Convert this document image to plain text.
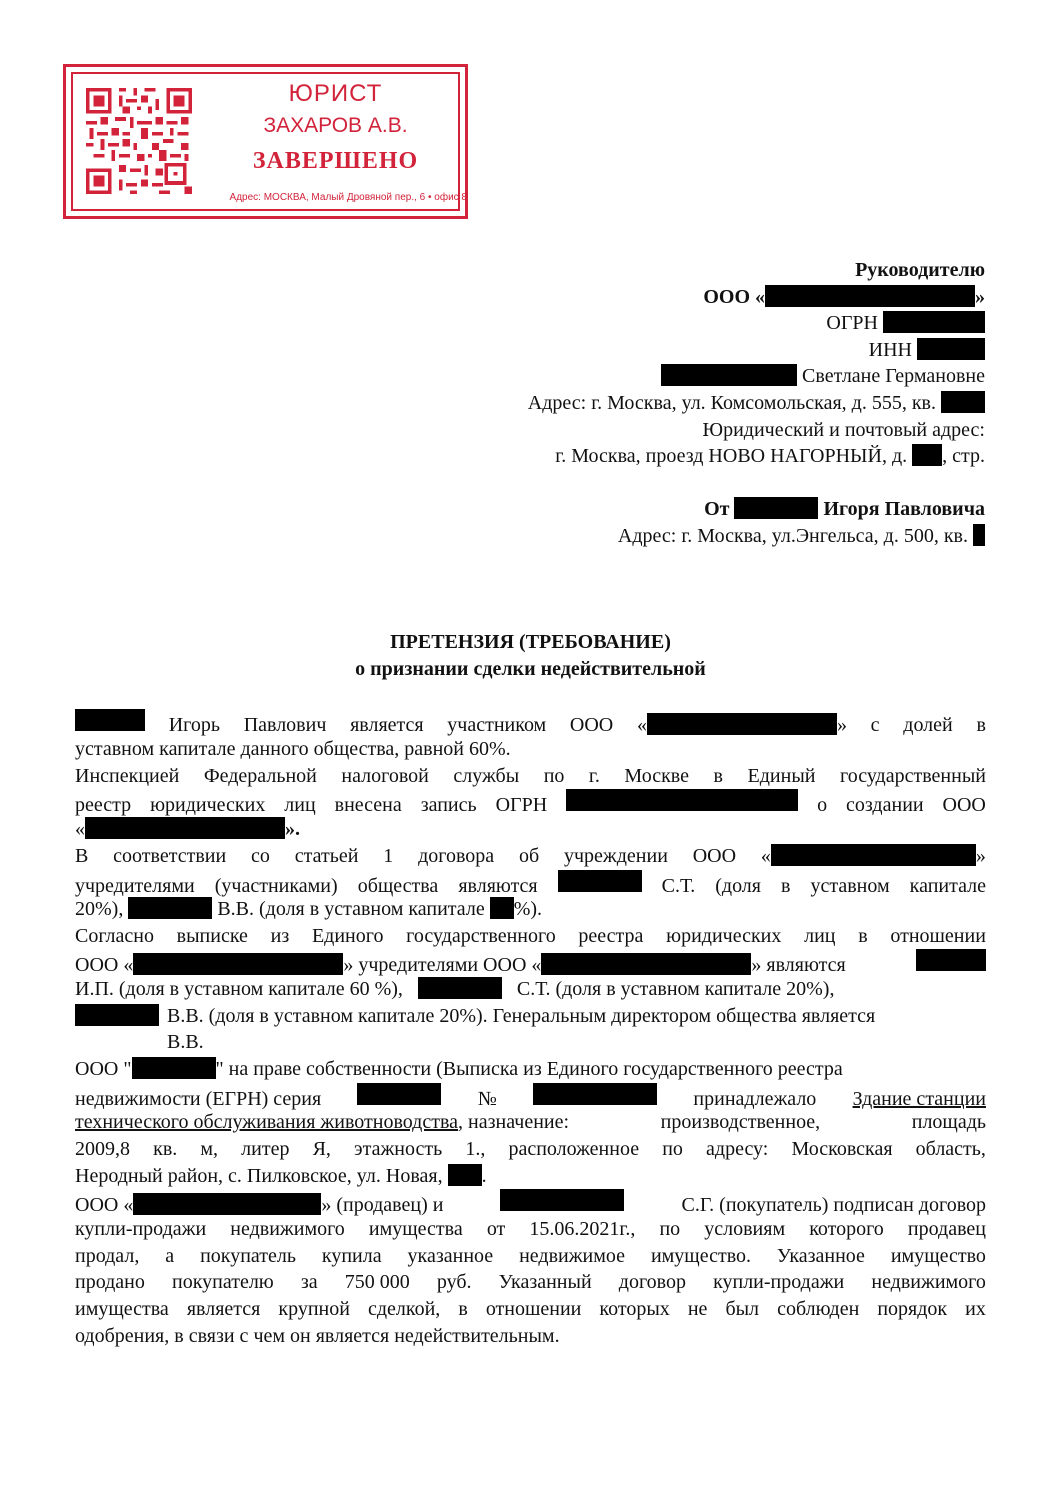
ЮРИСТ
ЗАХАРОВ А.В.
ЗАВЕРШЕНО
Адрес: МОСКВА, Малый Дровяной пер., 6 • офис 8
Руководителю
ООО «	»
ОГРН
ИНН
Светлане Германовне
Адрес: г. Москва, ул. Комсомольская, д. 555, кв.
Юридический и почтовый адрес:
г. Москва, проезд НОВО НАГОРНЫЙ, д. , стр.
От	Игоря Павловича
Адрес: г. Москва, ул.Энгельса, д. 500, кв.
ПРЕТЕНЗИЯ (ТРЕБОВАНИЕ)
о признании сделки недействительной
Игорь Павлович является участником ООО «	» с долей в
уставном капитале данного общества, равной 60%.
Инспекцией Федеральной налоговой службы по г. Москве в Единый государственный
реестр юридических лиц внесена запись ОГРН	о создании ООО
«	».
В соответствии со статьей 1 договора об учреждении ООО «	»
учредителями (участниками) общества являются	С.Т. (доля в уставном капитале
20%),	В.В. (доля в уставном капитале %).
Согласно выписке из Единого государственного реестра юридических лиц в отношении
ООО «	» учредителями ООО «	» являются
И.П. (доля в уставном капитале 60 %),	С.Т. (доля в уставном капитале 20%),
В.В. (доля в уставном капитале 20%). Генеральным директором общества является
В.В.
ООО "	" на праве собственности (Выписка из Единого государственного реестра
недвижимости (ЕГРН) серия	№	принадлежало Здание станции
технического обслуживания животноводства, назначение:	производственное,	площадь
2009,8 кв. м, литер Я, этажность 1., расположенное по адресу: Московская область,
Неродный район, с. Пилковское, ул. Новая, .
ООО «	» (продавец) и	С.Г. (покупатель) подписан договор
купли-продажи недвижимого имущества от 15.06.2021г., по условиям которого продавец
продал, а покупатель купила указанное недвижимое имущество. Указанное имущество
продано покупателю за 750 000 руб. Указанный договор купли-продажи недвижимого
имущества является крупной сделкой, в отношении которых не был соблюден порядок их
одобрения, в связи с чем он является недействительным.
